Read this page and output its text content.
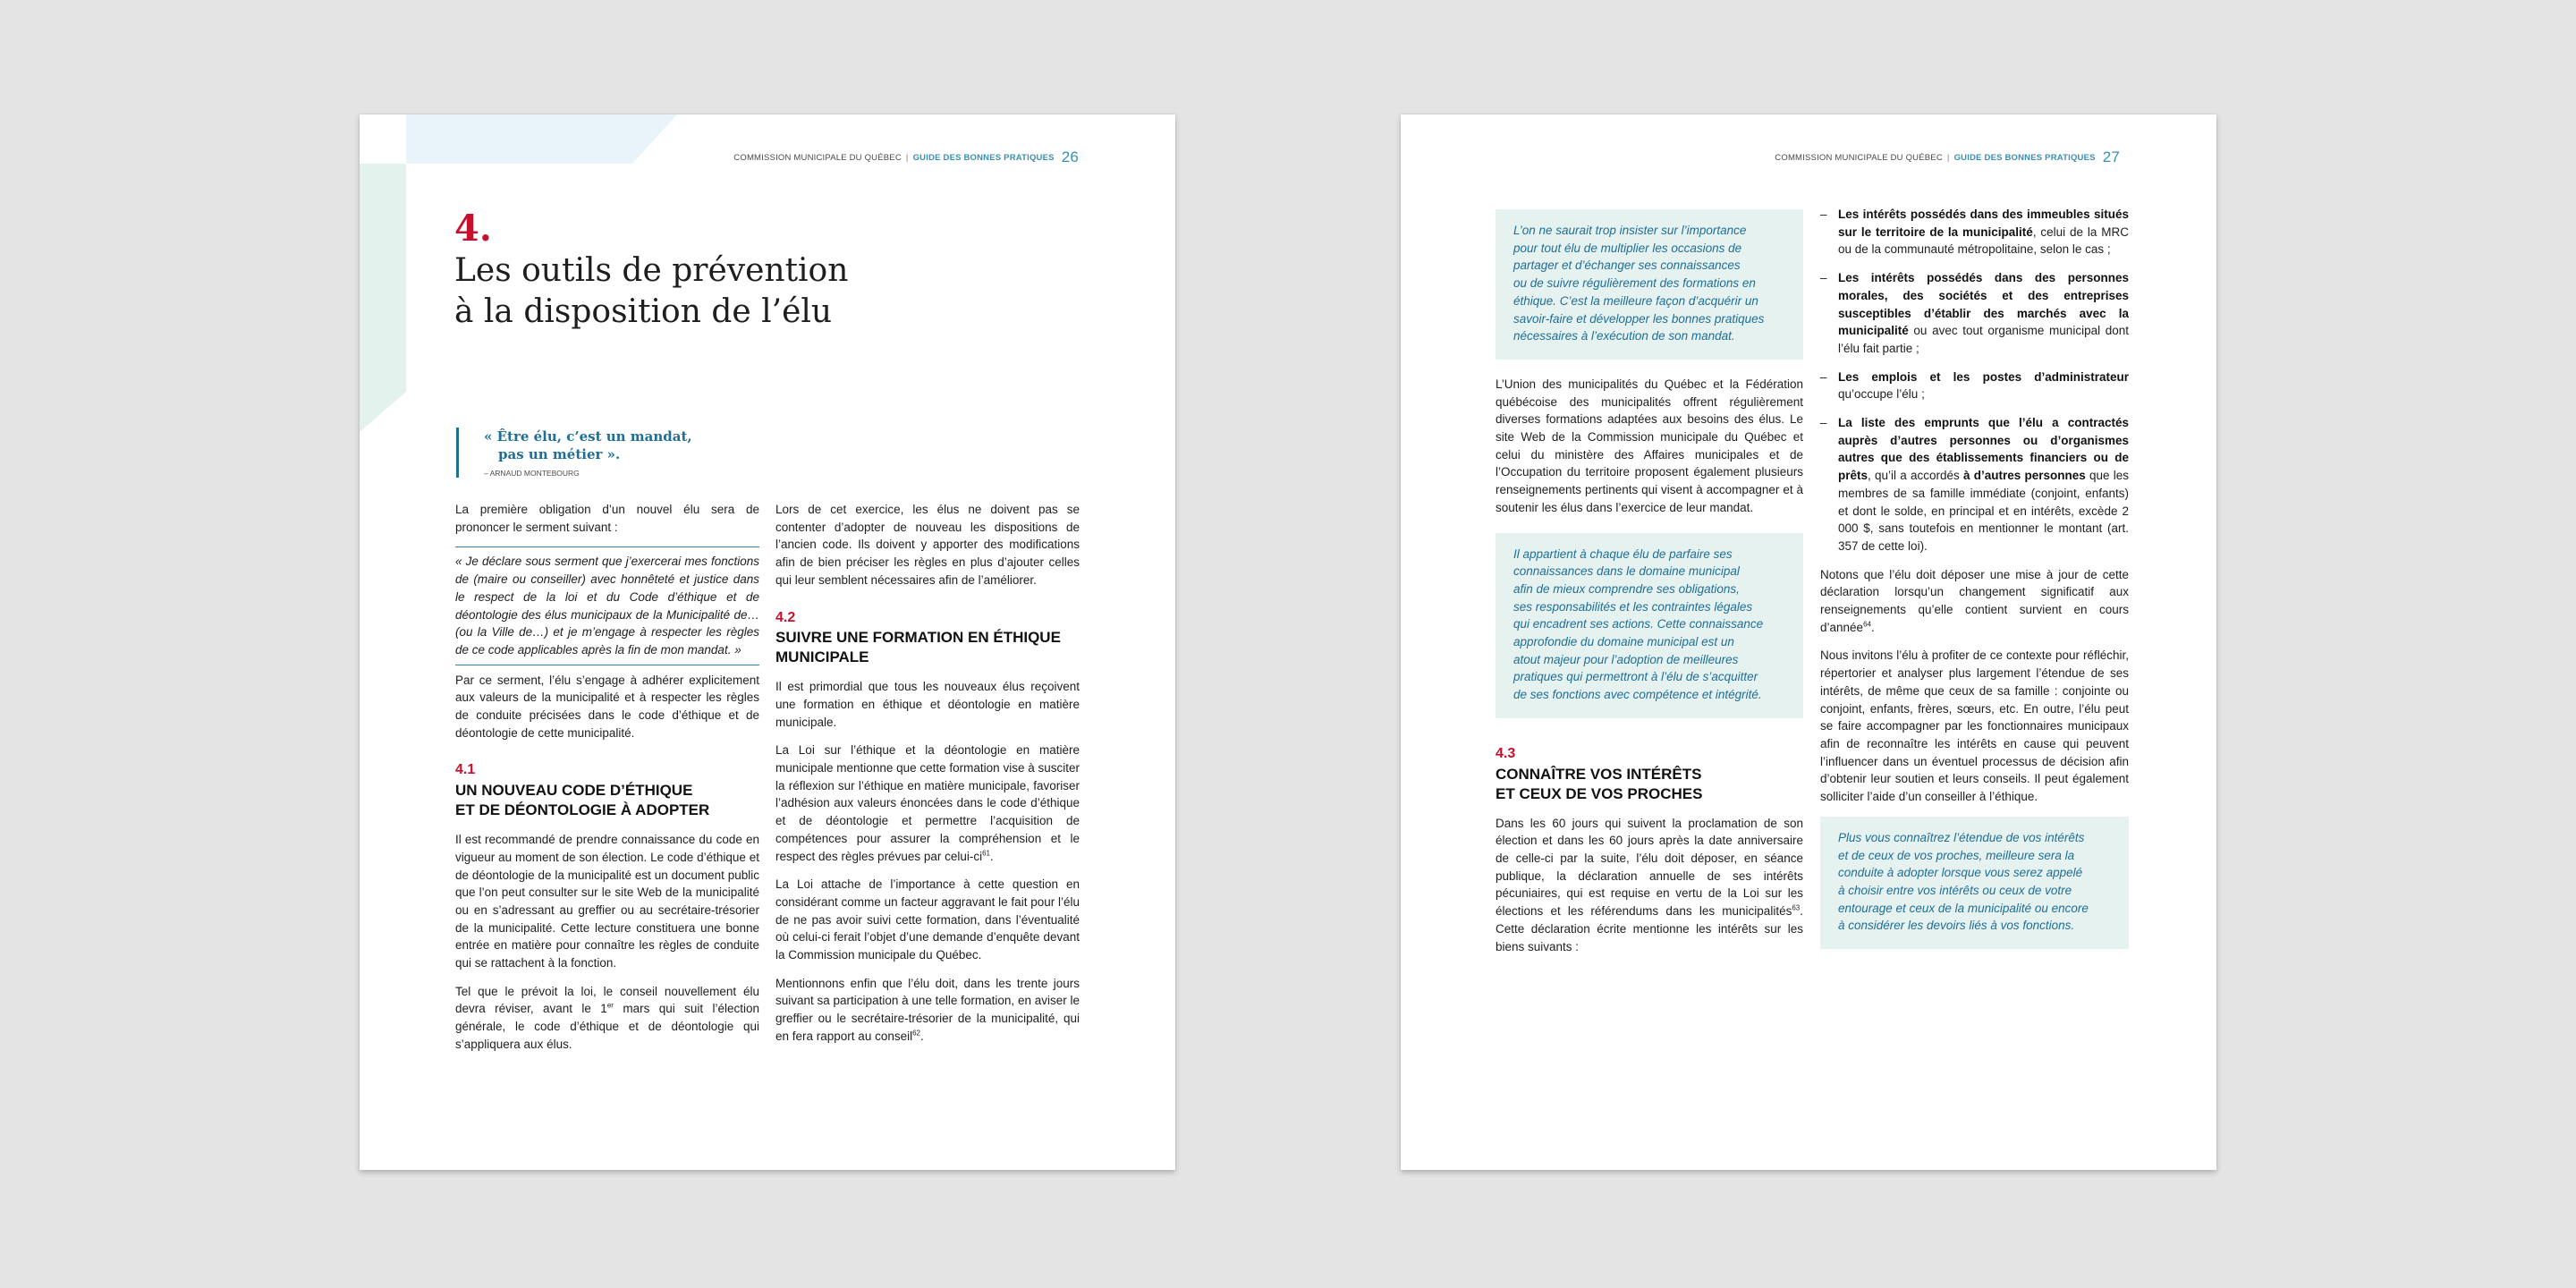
COMMISSION MUNICIPALE DU QUÉBEC | GUIDE DES BONNES PRATIQUES 26
4.
Les outils de prévention
à la disposition de l’élu
« Être élu, c’est un mandat,
pas un métier ».
– ARNAUD MONTEBOURG

La première obligation d’un nouvel élu sera de prononcer le serment suivant :

« Je déclare sous serment que j’exercerai mes fonctions de (maire ou conseiller) avec honnêteté et justice dans le respect de la loi et du Code d’éthique et de déontologie des élus municipaux de la Municipalité de… (ou la Ville de…) et je m’engage à respecter les règles de ce code applicables après la fin de mon mandat. »

Par ce serment, l’élu s’engage à adhérer explicitement aux valeurs de la municipalité et à respecter les règles de conduite précisées dans le code d’éthique et de déontologie de cette municipalité.

4.1
UN NOUVEAU CODE D’ÉTHIQUE
ET DE DÉONTOLOGIE À ADOPTER

Il est recommandé de prendre connaissance du code en vigueur au moment de son élection. Le code d’éthique et de déontologie de la municipalité est un document public que l’on peut consulter sur le site Web de la municipalité ou en s’adressant au greffier ou au secrétaire-trésorier de la municipalité. Cette lecture constituera une bonne entrée en matière pour connaître les règles de conduite qui se rattachent à la fonction.

Tel que le prévoit la loi, le conseil nouvellement élu devra réviser, avant le 1er mars qui suit l’élection générale, le code d’éthique et de déontologie qui s’appliquera aux élus.

Lors de cet exercice, les élus ne doivent pas se contenter d’adopter de nouveau les dispositions de l’ancien code. Ils doivent y apporter des modifications afin de bien préciser les règles en plus d’ajouter celles qui leur semblent nécessaires afin de l’améliorer.

4.2
SUIVRE UNE FORMATION EN ÉTHIQUE
MUNICIPALE

Il est primordial que tous les nouveaux élus reçoivent une formation en éthique et déontologie en matière municipale.

La Loi sur l’éthique et la déontologie en matière municipale mentionne que cette formation vise à susciter la réflexion sur l’éthique en matière municipale, favoriser l’adhésion aux valeurs énoncées dans le code d’éthique et de déontologie et permettre l’acquisition de compétences pour assurer la compréhension et le respect des règles prévues par celui-$ci^{61}$.

La Loi attache de l’importance à cette question en considérant comme un facteur aggravant le fait pour l’élu de ne pas avoir suivi cette formation, dans l’éventualité où celui-ci ferait l’objet d’une demande d’enquête devant la Commission municipale du Québec.

Mentionnons enfin que l’élu doit, dans les trente jours suivant sa participation à une telle formation, en aviser le greffier ou le secrétaire-trésorier de la municipalité, qui en fera rapport au conseil$^{62}$.

COMMISSION MUNICIPALE DU QUÉBEC | GUIDE DES BONNES PRATIQUES 27
L’on ne saurait trop insister sur l’importance
pour tout élu de multiplier les occasions de
partager et d’échanger ses connaissances
ou de suivre régulièrement des formations en
éthique. C’est la meilleure façon d’acquérir un
savoir-faire et développer les bonnes pratiques
nécessaires à l’exécution de son mandat.

L’Union des municipalités du Québec et la Fédération québécoise des municipalités offrent régulièrement diverses formations adaptées aux besoins des élus. Le site Web de la Commission municipale du Québec et celui du ministère des Affaires municipales et de l’Occupation du territoire proposent également plusieurs renseignements pertinents qui visent à accompagner et à soutenir les élus dans l’exercice de leur mandat.

Il appartient à chaque élu de parfaire ses
connaissances dans le domaine municipal
afin de mieux comprendre ses obligations,
ses responsabilités et les contraintes légales
qui encadrent ses actions. Cette connaissance
approfondie du domaine municipal est un
atout majeur pour l’adoption de meilleures
pratiques qui permettront à l’élu de s’acquitter
de ses fonctions avec compétence et intégrité.
4.3
CONNAÎTRE VOS INTÉRÊTS
ET CEUX DE VOS PROCHES

Dans les 60 jours qui suivent la proclamation de son élection et dans les 60 jours après la date anniversaire de celle-ci par la suite, l’élu doit déposer, en séance publique, la déclaration annuelle de ses intérêts pécuniaires, qui est requise en vertu de la Loi sur les élections et les référendums dans les municipalités$^{63}$. Cette déclaration écrite mentionne les intérêts sur les biens suivants :

– Les intérêts possédés dans des immeubles situés sur le territoire de la municipalité, celui de la MRC ou de la communauté métropolitaine, selon le cas ;
– Les intérêts possédés dans des personnes morales, des sociétés et des entreprises susceptibles d’établir des marchés avec la municipalité ou avec tout organisme municipal dont l’élu fait partie ;
– Les emplois et les postes d’administrateur qu’occupe l’élu ;
– La liste des emprunts que l’élu a contractés auprès d’autres personnes ou d’organismes autres que des établissements financiers ou de prêts, qu’il a accordés à d’autres personnes que les membres de sa famille immédiate (conjoint, enfants) et dont le solde, en principal et en intérêts, excède 2 000 $, sans toutefois en mentionner le montant (art. 357 de cette loi).

Notons que l’élu doit déposer une mise à jour de cette déclaration lorsqu’un changement significatif aux renseignements qu’elle contient survient en cours d’année$^{64}$.

Nous invitons l’élu à profiter de ce contexte pour réfléchir, répertorier et analyser plus largement l’étendue de ses intérêts, de même que ceux de sa famille : conjointe ou conjoint, enfants, frères, sœurs, etc. En outre, l’élu peut se faire accompagner par les fonctionnaires municipaux afin de reconnaître les intérêts en cause qui peuvent l’influencer dans un éventuel processus de décision afin d’obtenir leur soutien et leurs conseils. Il peut également solliciter l’aide d’un conseiller à l’éthique.

Plus vous connaîtrez l’étendue de vos intérêts
et de ceux de vos proches, meilleure sera la
conduite à adopter lorsque vous serez appelé
à choisir entre vos intérêts ou ceux de votre
entourage et ceux de la municipalité ou encore
à considérer les devoirs liés à vos fonctions.
